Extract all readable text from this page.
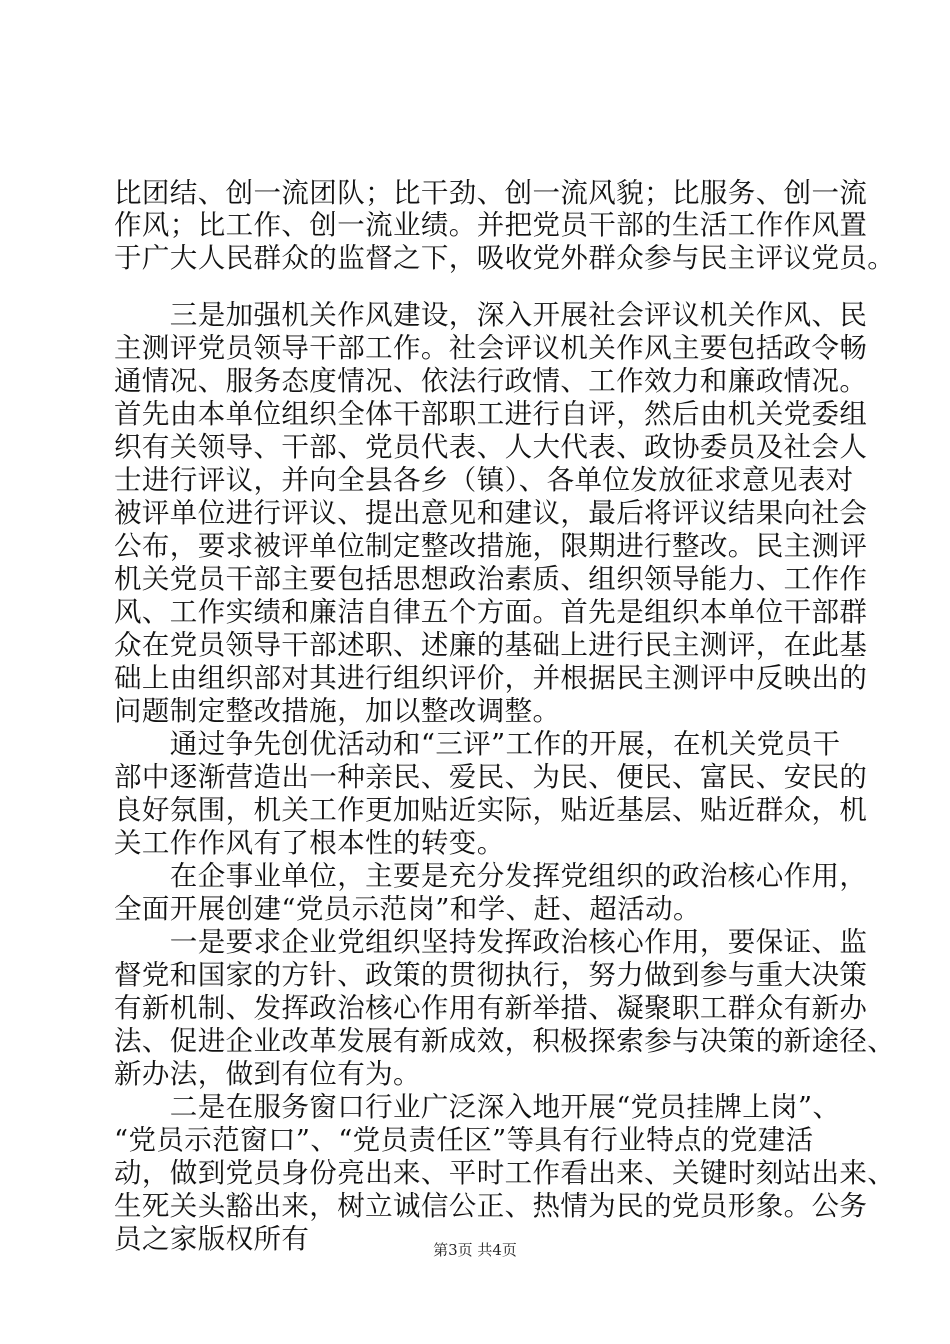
比团结、创一流团队；比干劲、创一流风貌；比服务、创一流
作风；比工作、创一流业绩。并把党员干部的生活工作作风置
于广大人民群众的监督之下，吸收党外群众参与民主评议党员。
　　三是加强机关作风建设，深入开展社会评议机关作风、民
主测评党员领导干部工作。社会评议机关作风主要包括政令畅
通情况、服务态度情况、依法行政情、工作效力和廉政情况。
首先由本单位组织全体干部职工进行自评，然后由机关党委组
织有关领导、干部、党员代表、人大代表、政协委员及社会人
士进行评议，并向全县各乡（镇）、各单位发放征求意见表对
被评单位进行评议、提出意见和建议，最后将评议结果向社会
公布，要求被评单位制定整改措施，限期进行整改。民主测评
机关党员干部主要包括思想政治素质、组织领导能力、工作作
风、工作实绩和廉洁自律五个方面。首先是组织本单位干部群
众在党员领导干部述职、述廉的基础上进行民主测评，在此基
础上由组织部对其进行组织评价，并根据民主测评中反映出的
问题制定整改措施，加以整改调整。
　　通过争先创优活动和“三评”工作的开展，在机关党员干
部中逐渐营造出一种亲民、爱民、为民、便民、富民、安民的
良好氛围，机关工作更加贴近实际，贴近基层、贴近群众，机
关工作作风有了根本性的转变。
　　在企事业单位，主要是充分发挥党组织的政治核心作用，
全面开展创建“党员示范岗”和学、赶、超活动。
　　一是要求企业党组织坚持发挥政治核心作用，要保证、监
督党和国家的方针、政策的贯彻执行，努力做到参与重大决策
有新机制、发挥政治核心作用有新举措、凝聚职工群众有新办
法、促进企业改革发展有新成效，积极探索参与决策的新途径、
新办法，做到有位有为。
　　二是在服务窗口行业广泛深入地开展“党员挂牌上岗”、
“党员示范窗口”、“党员责任区”等具有行业特点的党建活
动，做到党员身份亮出来、平时工作看出来、关键时刻站出来、
生死关头豁出来，树立诚信公正、热情为民的党员形象。公务
员之家版权所有	第3页 共4页
